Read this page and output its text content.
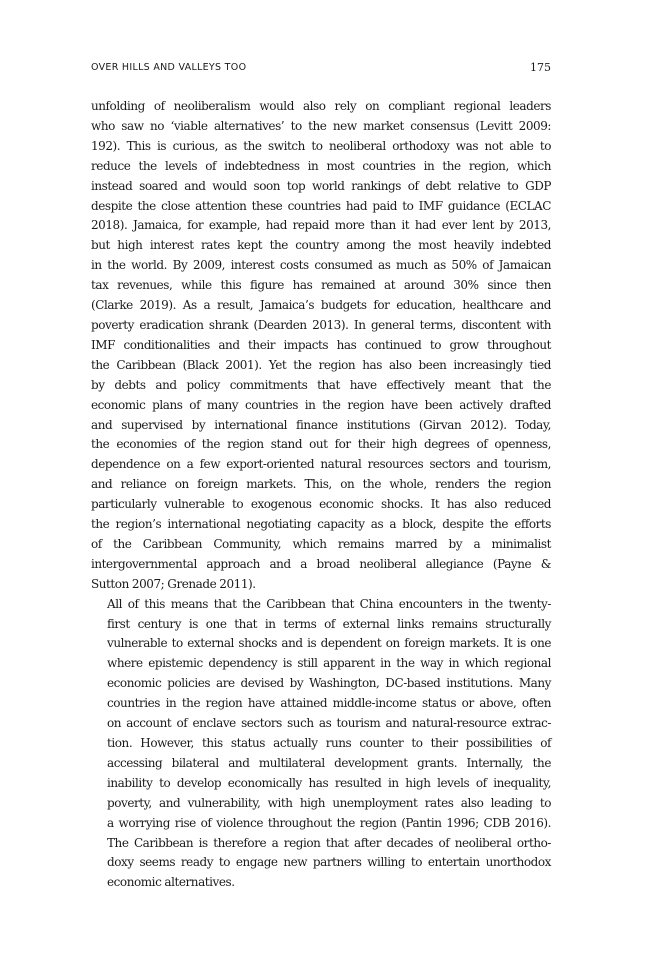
OVER HILLS AND VALLEYS TOO	175

unfolding of neoliberalism would also rely on compliant regional leaders
who saw no ‘viable alternatives’ to the new market consensus (Levitt 2009:
192). This is curious, as the switch to neoliberal orthodoxy was not able to
reduce the levels of indebtedness in most countries in the region, which
instead soared and would soon top world rankings of debt relative to GDP
despite the close attention these countries had paid to IMF guidance (ECLAC
2018). Jamaica, for example, had repaid more than it had ever lent by 2013,
but high interest rates kept the country among the most heavily indebted
in the world. By 2009, interest costs consumed as much as 50% of Jamaican
tax revenues, while this figure has remained at around 30% since then
(Clarke 2019). As a result, Jamaica’s budgets for education, healthcare and
poverty eradication shrank (Dearden 2013). In general terms, discontent with
IMF conditionalities and their impacts has continued to grow throughout
the Caribbean (Black 2001). Yet the region has also been increasingly tied
by debts and policy commitments that have effectively meant that the
economic plans of many countries in the region have been actively drafted
and supervised by international finance institutions (Girvan 2012). Today,
the economies of the region stand out for their high degrees of openness,
dependence on a few export-oriented natural resources sectors and tourism,
and reliance on foreign markets. This, on the whole, renders the region
particularly vulnerable to exogenous economic shocks. It has also reduced
the region’s international negotiating capacity as a block, despite the efforts
of the Caribbean Community, which remains marred by a minimalist
intergovernmental approach and a broad neoliberal allegiance (Payne &
Sutton 2007; Grenade 2011).

All of this means that the Caribbean that China encounters in the twenty-
first century is one that in terms of external links remains structurally
vulnerable to external shocks and is dependent on foreign markets. It is one
where epistemic dependency is still apparent in the way in which regional
economic policies are devised by Washington, DC-based institutions. Many
countries in the region have attained middle-income status or above, often
on account of enclave sectors such as tourism and natural-resource extrac-
tion. However, this status actually runs counter to their possibilities of
accessing bilateral and multilateral development grants. Internally, the
inability to develop economically has resulted in high levels of inequality,
poverty, and vulnerability, with high unemployment rates also leading to
a worrying rise of violence throughout the region (Pantin 1996; CDB 2016).
The Caribbean is therefore a region that after decades of neoliberal ortho-
doxy seems ready to engage new partners willing to entertain unorthodox
economic alternatives.
